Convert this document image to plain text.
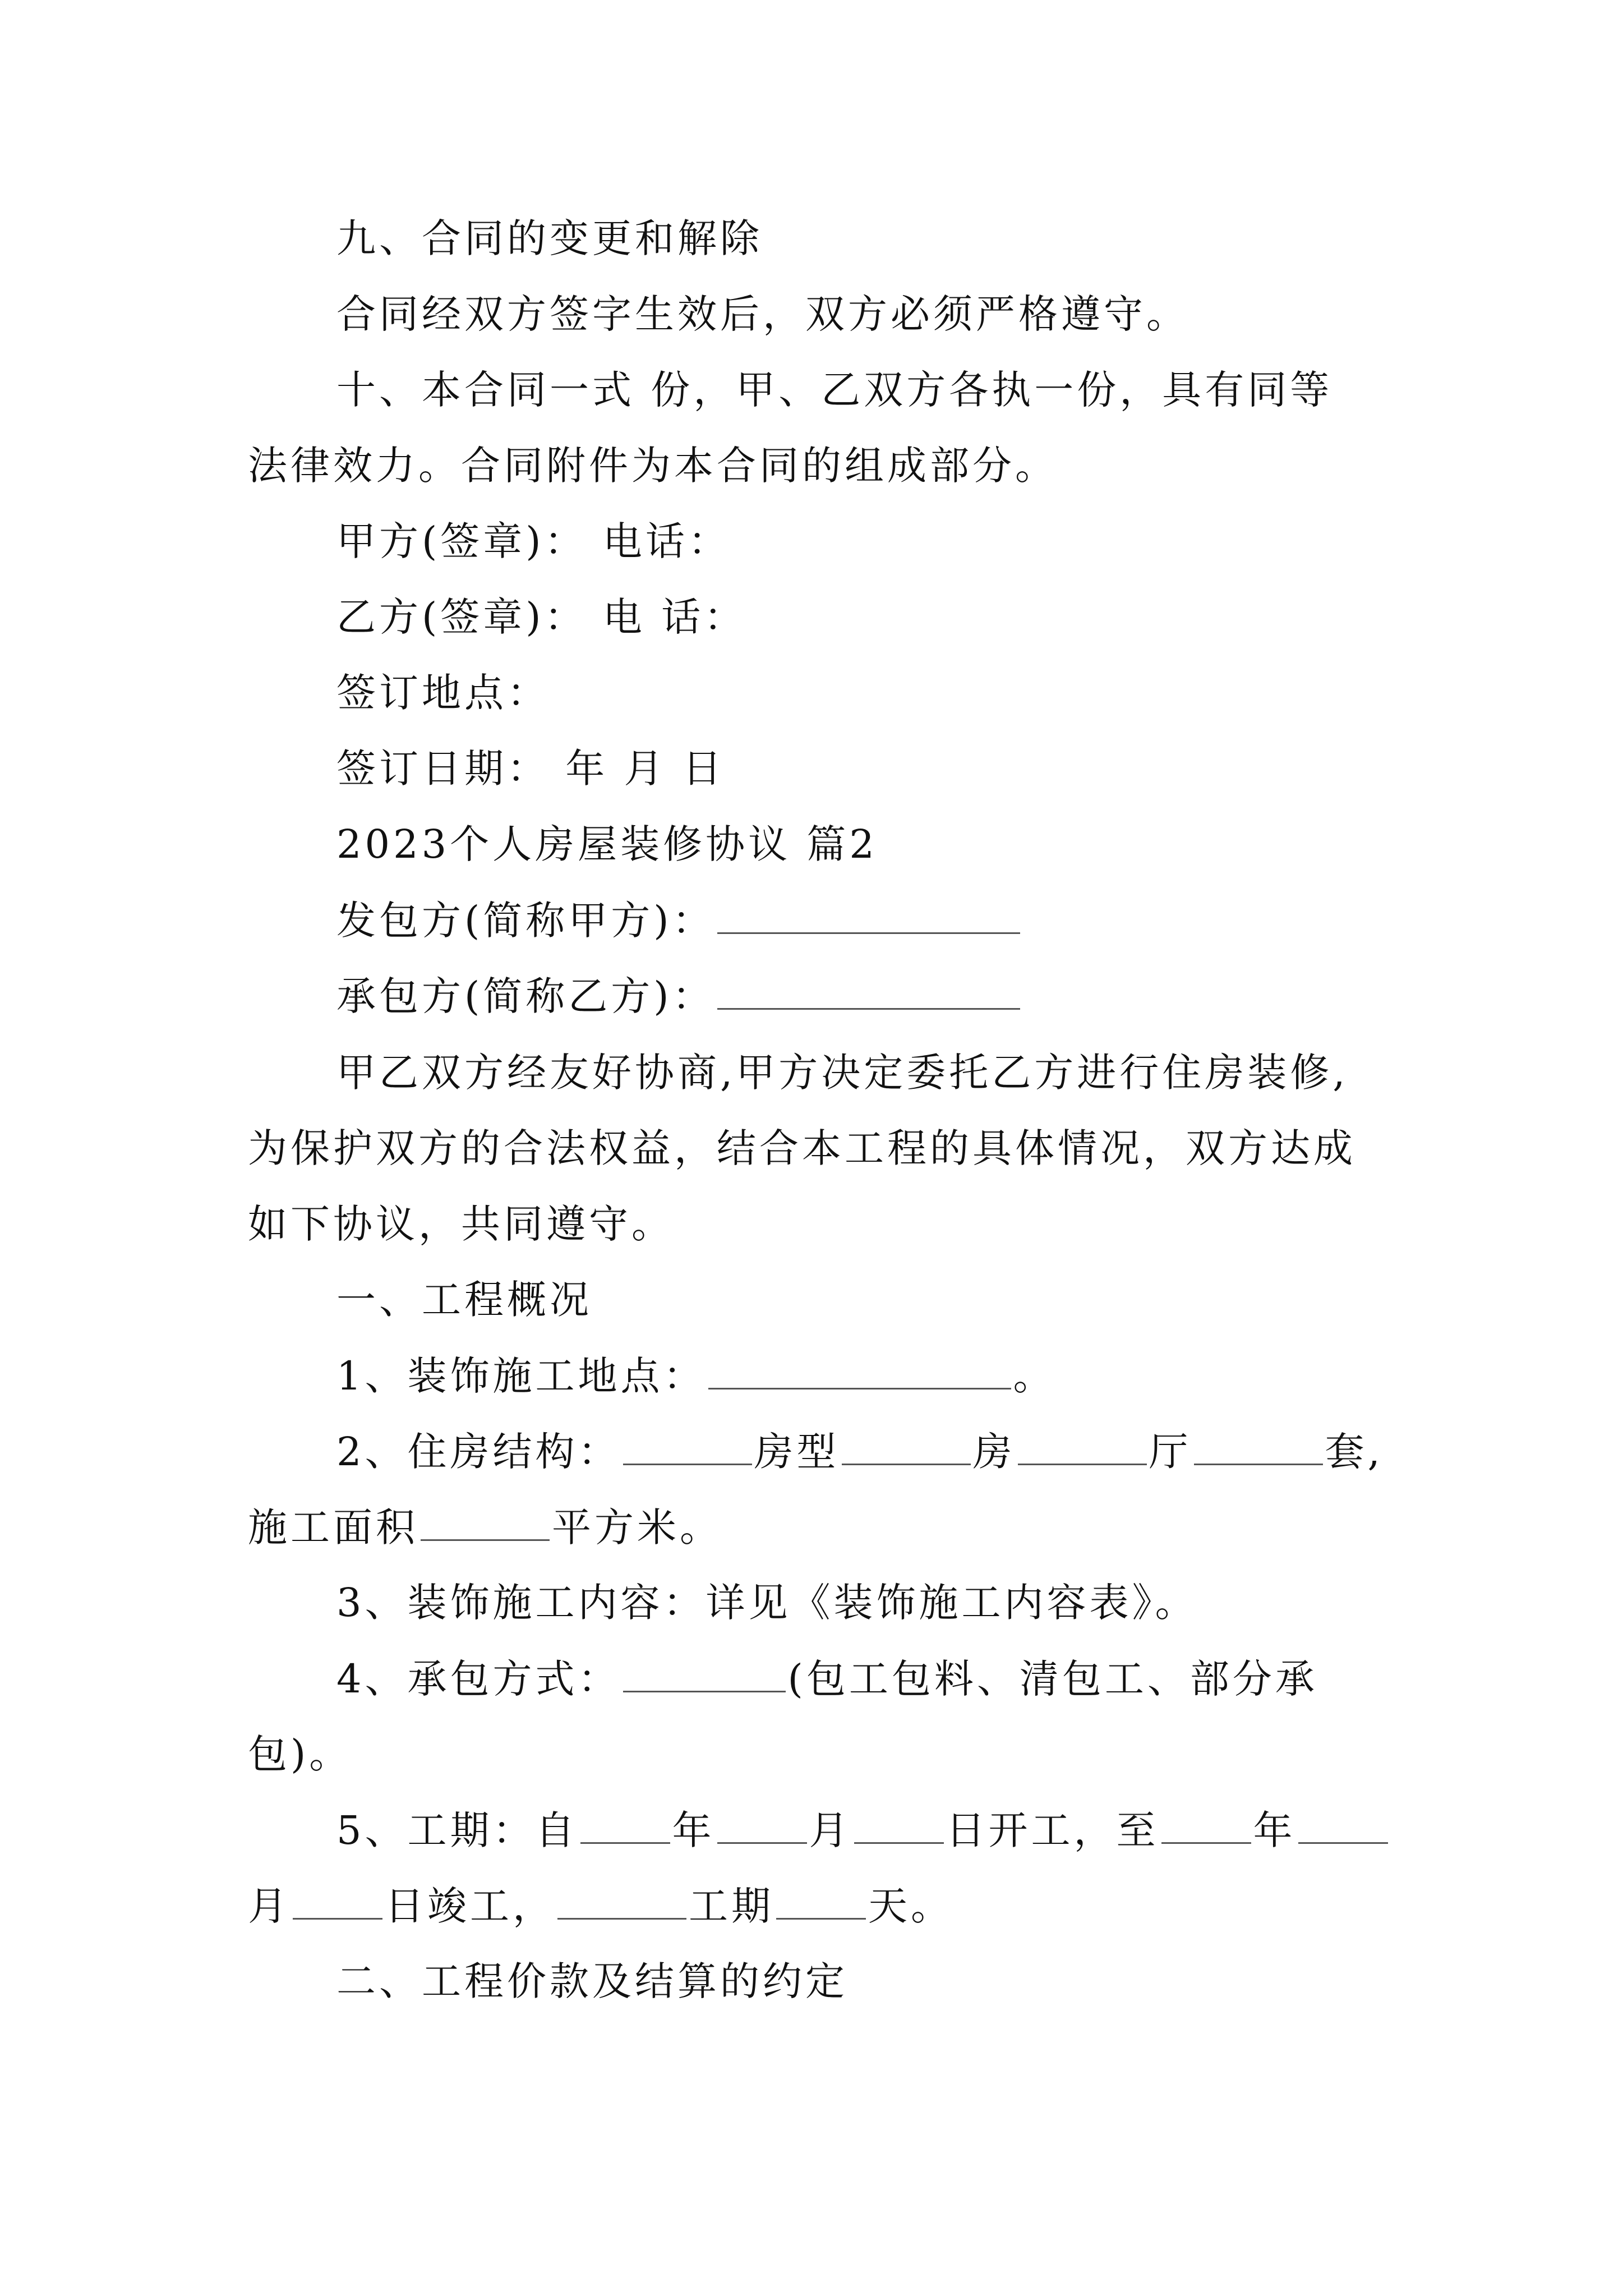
九、合同的变更和解除
合同经双方签字生效后，双方必须严格遵守。
十、本合同一式 份，甲、乙双方各执一份，具有同等
法律效力。合同附件为本合同的组成部分。
甲方(签章)： 电话：
乙方(签章)： 电 话：
签订地点：
签订日期： 年 月 日
2023个人房屋装修协议 篇2
发包方(简称甲方)：
承包方(简称乙方)：
甲乙双方经友好协商,甲方决定委托乙方进行住房装修,
为保护双方的合法权益，结合本工程的具体情况，双方达成
如下协议，共同遵守。
一、工程概况
1、装饰施工地点：	。
2、住房结构：	房型	房	厅	套,
施工面积	平方米。
3、装饰施工内容：详见《装饰施工内容表》。
4、承包方式：	(包工包料、清包工、部分承
包)。
5、工期：自 年 月 日开工，至 年
月 日竣工，	工期 天。
二、工程价款及结算的约定
